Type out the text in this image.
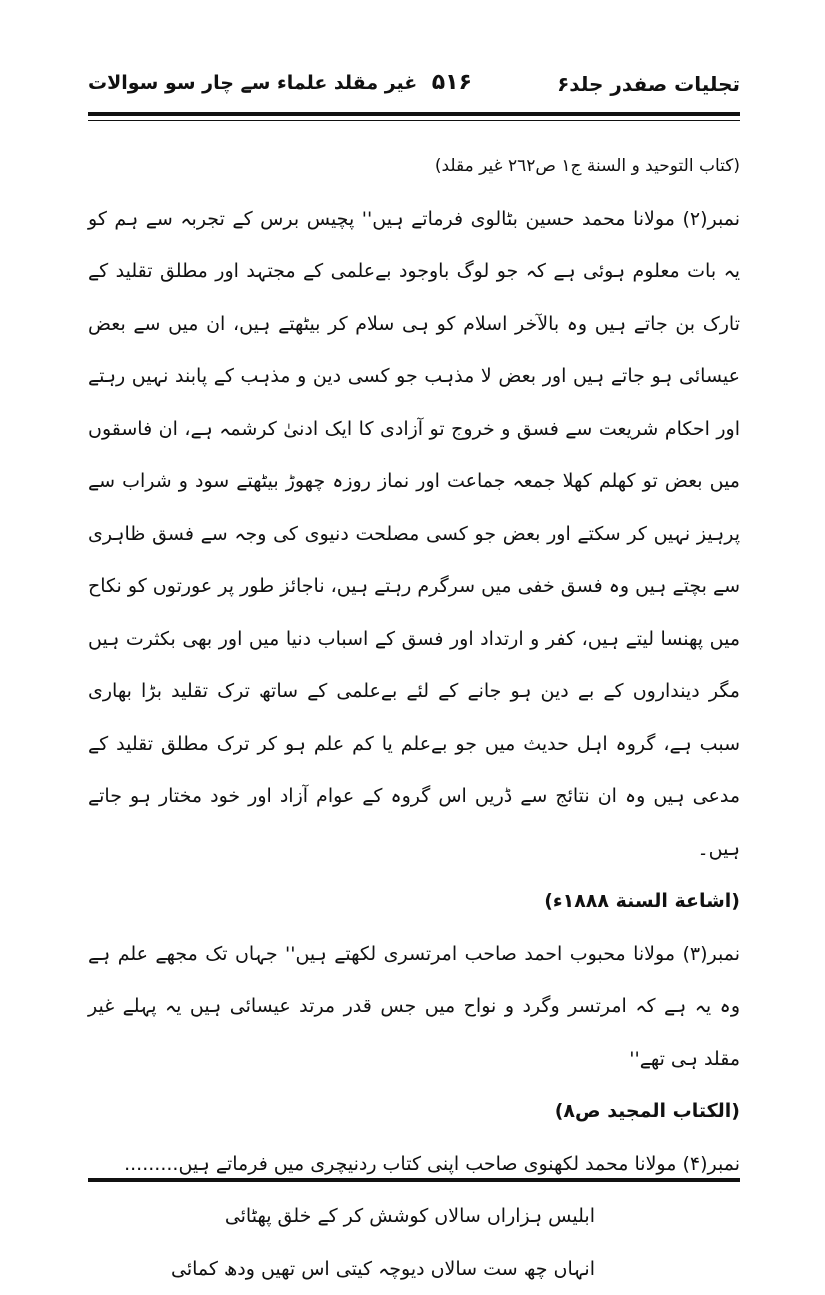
تجلیات صفدر جلد۶
۵۱۶
غیر مقلد علماء سے چار سو سوالات

(کتاب التوحید و السنة ج١ ص٢٦٢ غیر مقلد)

نمبر(۲) مولانا محمد حسین بٹالوی فرماتے ہیں'' پچیس برس کے تجربہ سے ہم کو یہ بات معلوم ہوئی ہے کہ جو لوگ باوجود بےعلمی کے مجتہد اور مطلق تقلید کے تارک بن جاتے ہیں وہ بالآخر اسلام کو ہی سلام کر بیٹھتے ہیں، ان میں سے بعض عیسائی ہو جاتے ہیں اور بعض لا مذہب جو کسی دین و مذہب کے پابند نہیں رہتے اور احکام شریعت سے فسق و خروج تو آزادی کا ایک ادنیٰ کرشمہ ہے، ان فاسقوں میں بعض تو کھلم کھلا جمعہ جماعت اور نماز روزہ چھوڑ بیٹھتے سود و شراب سے پرہیز نہیں کر سکتے اور بعض جو کسی مصلحت دنیوی کی وجہ سے فسق ظاہری سے بچتے ہیں وہ فسق خفی میں سرگرم رہتے ہیں، ناجائز طور پر عورتوں کو نکاح میں پھنسا لیتے ہیں، کفر و ارتداد اور فسق کے اسباب دنیا میں اور بھی بکثرت ہیں مگر دینداروں کے بے دین ہو جانے کے لئے بےعلمی کے ساتھ ترک تقلید بڑا بھاری سبب ہے، گروہ اہل حدیث میں جو بےعلم یا کم علم ہو کر ترک مطلق تقلید کے مدعی ہیں وہ ان نتائج سے ڈریں اس گروہ کے عوام آزاد اور خود مختار ہو جاتے ہیں۔

(اشاعة السنة ١٨٨٨ء)

نمبر(۳) مولانا محبوب احمد صاحب امرتسری لکھتے ہیں'' جہاں تک مجھے علم ہے وہ یہ ہے کہ امرتسر وگرد و نواح میں جس قدر مرتد عیسائی ہیں یہ پہلے غیر مقلد ہی تھے''

(الکتاب المجید ص۸)

نمبر(۴) مولانا محمد لکھنوی صاحب اپنی کتاب ردنیچری میں فرماتے ہیں.........

ابلیس ہزاراں سالاں کوشش کر کے خلق پھٹائی

انہاں چھ ست سالاں دیوچہ کیتی اس تھیں ودھ کمائی
